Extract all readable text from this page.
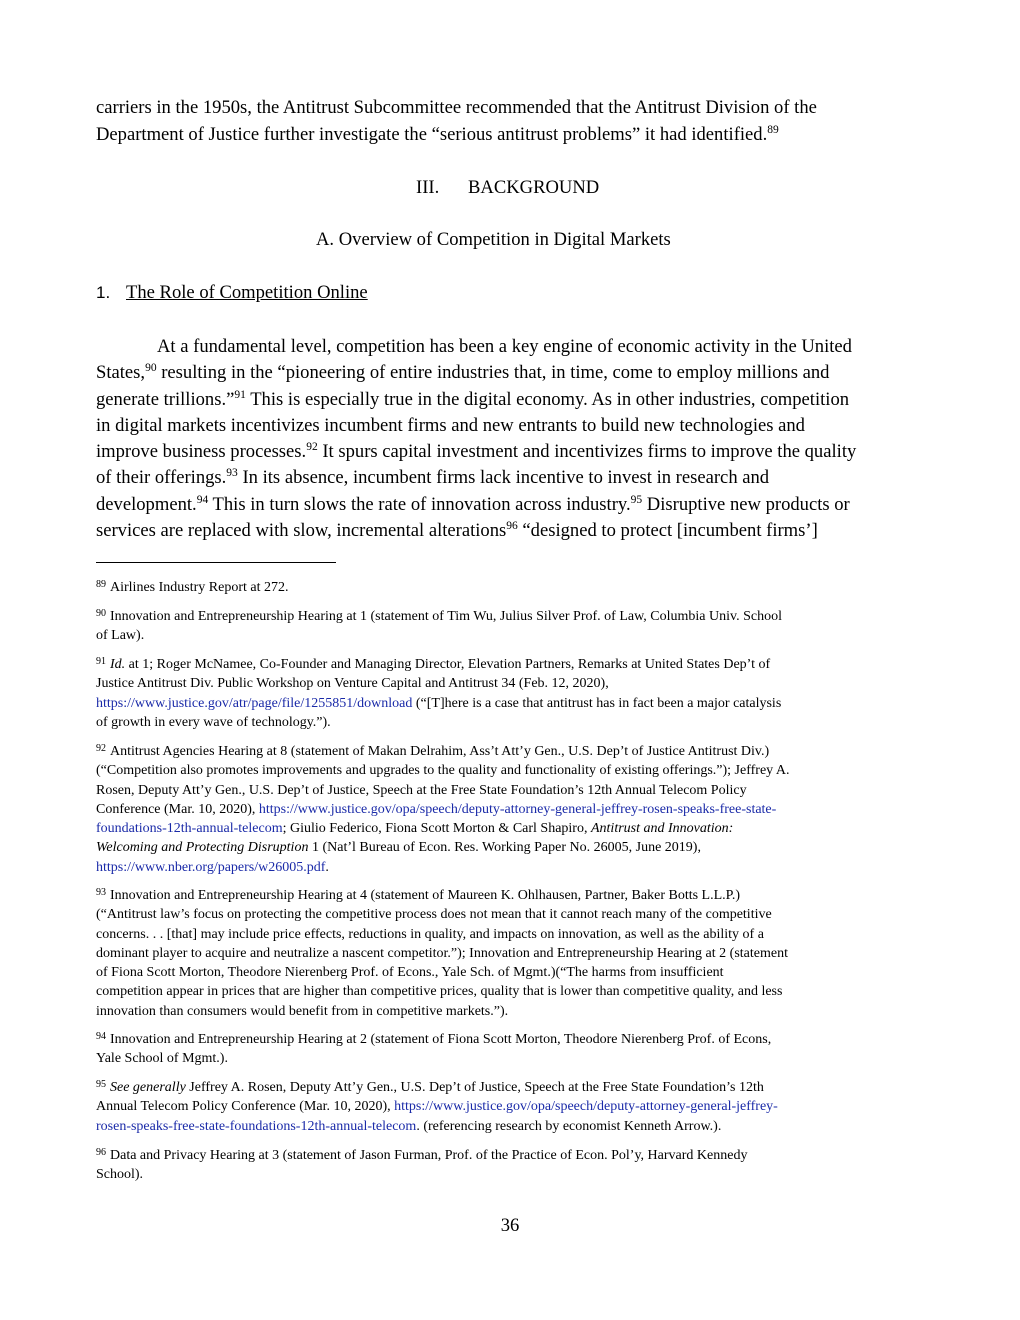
carriers in the 1950s, the Antitrust Subcommittee recommended that the Antitrust Division of the
Department of Justice further investigate the “serious antitrust problems” it had identified.$^{89}$
III. BACKGROUND
A. Overview of Competition in Digital Markets
1. The Role of Competition Online
At a fundamental level, competition has been a key engine of economic activity in the United
States,$^{90}$ resulting in the “pioneering of entire industries that, in time, come to employ millions and
generate trillions.”$^{91}$ This is especially true in the digital economy. As in other industries, competition
in digital markets incentivizes incumbent firms and new entrants to build new technologies and
improve business processes.$^{92}$ It spurs capital investment and incentivizes firms to improve the quality
of their offerings.$^{93}$ In its absence, incumbent firms lack incentive to invest in research and
development.$^{94}$ This in turn slows the rate of innovation across industry.$^{95}$ Disruptive new products or
services are replaced with slow, incremental alterations$^{96}$ “designed to protect [incumbent firms’]
$^{89}$ Airlines Industry Report at 272.
$^{90}$ Innovation and Entrepreneurship Hearing at 1 (statement of Tim Wu, Julius Silver Prof. of Law, Columbia Univ. School
of Law).
$^{91}$ Id. at 1; Roger McNamee, Co-Founder and Managing Director, Elevation Partners, Remarks at United States Dep’t of
Justice Antitrust Div. Public Workshop on Venture Capital and Antitrust 34 (Feb. 12, 2020),
https://www.justice.gov/atr/page/file/1255851/download (“[T]here is a case that antitrust has in fact been a major catalysis
of growth in every wave of technology.”).
$^{92}$ Antitrust Agencies Hearing at 8 (statement of Makan Delrahim, Ass’t Att’y Gen., U.S. Dep’t of Justice Antitrust Div.)
(“Competition also promotes improvements and upgrades to the quality and functionality of existing offerings.”); Jeffrey A.
Rosen, Deputy Att’y Gen., U.S. Dep’t of Justice, Speech at the Free State Foundation’s 12th Annual Telecom Policy
Conference (Mar. 10, 2020), https://www.justice.gov/opa/speech/deputy-attorney-general-jeffrey-rosen-speaks-free-state-
foundations-12th-annual-telecom; Giulio Federico, Fiona Scott Morton & Carl Shapiro, Antitrust and Innovation:
Welcoming and Protecting Disruption 1 (Nat’l Bureau of Econ. Res. Working Paper No. 26005, June 2019),
https://www.nber.org/papers/w26005.pdf.
$^{93}$ Innovation and Entrepreneurship Hearing at 4 (statement of Maureen K. Ohlhausen, Partner, Baker Botts L.L.P.)
(“Antitrust law’s focus on protecting the competitive process does not mean that it cannot reach many of the competitive
concerns. . . [that] may include price effects, reductions in quality, and impacts on innovation, as well as the ability of a
dominant player to acquire and neutralize a nascent competitor.”); Innovation and Entrepreneurship Hearing at 2 (statement
of Fiona Scott Morton, Theodore Nierenberg Prof. of Econs., Yale Sch. of Mgmt.)(“The harms from insufficient
competition appear in prices that are higher than competitive prices, quality that is lower than competitive quality, and less
innovation than consumers would benefit from in competitive markets.”).
$^{94}$ Innovation and Entrepreneurship Hearing at 2 (statement of Fiona Scott Morton, Theodore Nierenberg Prof. of Econs,
Yale School of Mgmt.).
$^{95}$ See generally Jeffrey A. Rosen, Deputy Att’y Gen., U.S. Dep’t of Justice, Speech at the Free State Foundation’s 12th
Annual Telecom Policy Conference (Mar. 10, 2020), https://www.justice.gov/opa/speech/deputy-attorney-general-jeffrey-
rosen-speaks-free-state-foundations-12th-annual-telecom. (referencing research by economist Kenneth Arrow.).
$^{96}$ Data and Privacy Hearing at 3 (statement of Jason Furman, Prof. of the Practice of Econ. Pol’y, Harvard Kennedy
School).
36
